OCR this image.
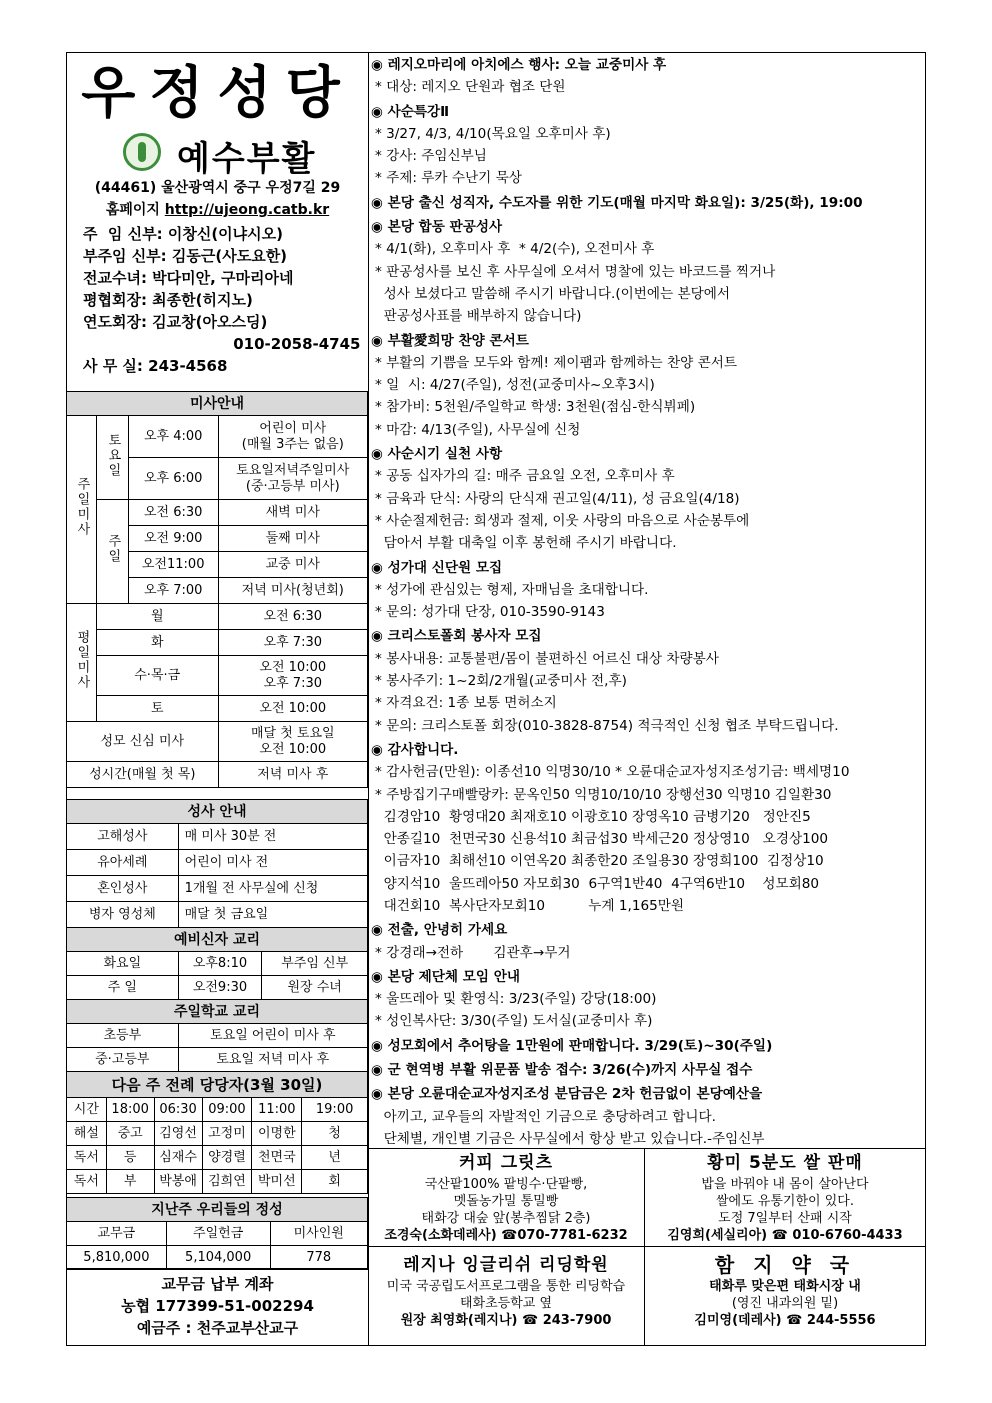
우정성당
예수부활
(44461) 울산광역시 중구 우정7길 29
홈페이지 http://ujeong.catb.kr
주  임 신부: 이창신(이냐시오)
부주임 신부: 김동근(사도요한)
전교수녀: 박다미안, 구마리아네
평협회장: 최종한(히지노)
연도회장: 김교창(아오스딩)
010-2058-4745
사 무 실: 243-4568
미사안내			
주일미사	토요일	오후 4:00	어린이 미사
(매월 3주는 없음)

		오후 6:00	토요일저녁주일미사
(중·고등부 미사)

	주일	오전 6:30	새벽 미사
		오전 9:00	둘째 미사
		오전11:00	교중 미사
		오후 7:00	저녁 미사(청년회)
평일미사	월		오전 6:30
	화		오후 7:30
	수·목·금		오전 10:00
오후 7:30

	토		오전 10:00
성모 신심 미사			매달 첫 토요일
오전 10:00

성시간(매월 첫 목)			저녁 미사 후
성사 안내	
고해성사	매 미사 30분 전
유아세례	어린이 미사 전
혼인성사	1개월 전 사무실에 신청
병자 영성체	매달 첫 금요일
예비신자 교리		
화요일	오후8:10	부주임 신부
주 일	오전9:30	원장 수녀
주일학교 교리	
초등부	토요일 어린이 미사 후
중·고등부	토요일 저녁 미사 후
다음 주 전례 당당자(3월 30일)					
시간	18:00	06:30	09:00	11:00	19:00
해설	중고	김영선	고정미	이명한	청
독서	등	심재수	양경렬	천면국	년
독서	부	박봉애	김희연	박미선	회
지난주 우리들의 정성		
교무금	주일헌금	미사인원
5,810,000	5,104,000	778
교무금 납부 계좌
농협 177399-51-002294
예금주 : 천주교부산교구
◉ 레지오마리에 아치에스 행사: 오늘 교중미사 후
* 대상: 레지오 단원과 협조 단원
◉ 사순특강Ⅱ
* 3/27, 4/3, 4/10(목요일 오후미사 후)
* 강사: 주임신부님
* 주제: 루카 수난기 묵상
◉ 본당 출신 성직자, 수도자를 위한 기도(매월 마지막 화요일): 3/25(화), 19:00
◉ 본당 합동 판공성사
* 4/1(화), 오후미사 후  * 4/2(수), 오전미사 후
* 판공성사를 보신 후 사무실에 오셔서 명찰에 있는 바코드를 찍거나
성사 보셨다고 말씀해 주시기 바랍니다.(이번에는 본당에서
판공성사표를 배부하지 않습니다)
◉ 부활愛희망 찬양 콘서트
* 부활의 기쁨을 모두와 함께! 제이팸과 함께하는 찬양 콘서트
* 일  시: 4/27(주일), 성전(교중미사~오후3시)
* 참가비: 5천원/주일학교 학생: 3천원(점심-한식뷔페)
* 마감: 4/13(주일), 사무실에 신청
◉ 사순시기 실천 사항
* 공동 십자가의 길: 매주 금요일 오전, 오후미사 후
* 금육과 단식: 사랑의 단식재 권고일(4/11), 성 금요일(4/18)
* 사순절제헌금: 희생과 절제, 이웃 사랑의 마음으로 사순봉투에
담아서 부활 대축일 이후 봉헌해 주시기 바랍니다.
◉ 성가대 신단원 모집
* 성가에 관심있는 형제, 자매님을 초대합니다.
* 문의: 성가대 단장, 010-3590-9143
◉ 크리스토폴회 봉사자 모집
* 봉사내용: 교통불편/몸이 불편하신 어르신 대상 차량봉사
* 봉사주기: 1~2회/2개월(교중미사 전,후)
* 자격요건: 1종 보통 면허소지
* 문의: 크리스토폴 회장(010-3828-8754) 적극적인 신청 협조 부탁드립니다.
◉ 감사합니다.
* 감사헌금(만원): 이종선10 익명30/10 * 오륜대순교자성지조성기금: 백세명10
* 주방집기구매빨랑카: 문옥인50 익명10/10/10 장행선30 익명10 김일환30
김경암10  황영대20 최재호10 이광호10 장영옥10 금병기20   정안진5
안종길10  천면국30 신용석10 최금섭30 박세근20 정상영10   오경상100
이금자10  최해선10 이연옥20 최종한20 조일용30 장영희100  김정상10
양지석10  울뜨레아50 자모회30  6구역1반40  4구역6반10    성모회80
대건회10  복사단자모회10          누계 1,165만원
◉ 전출, 안녕히 가세요
* 강경래→전하       김관후→무거
◉ 본당 제단체 모임 안내
* 울뜨레아 및 환영식: 3/23(주일) 강당(18:00)
* 성인복사단: 3/30(주일) 도서실(교중미사 후)
◉ 성모회에서 추어탕을 1만원에 판매합니다. 3/29(토)~30(주일)
◉ 군 현역병 부활 위문품 발송 접수: 3/26(수)까지 사무실 접수
◉ 본당 오륜대순교자성지조성 분담금은 2차 헌금없이 본당예산을
아끼고, 교우들의 자발적인 기금으로 충당하려고 합니다.
단체별, 개인별 기금은 사무실에서 항상 받고 있습니다.-주임신부
커피 그릿츠
국산팥100% 팥빙수·단팥빵,
멧돌농가밀 통밀빵
태화강 대숲 앞(봉추찜닭 2층)
조경숙(소화데레사) ☎070-7781-6232
황미 5분도 쌀 판매
밥을 바꿔야 내 몸이 살아난다
쌀에도 유통기한이 있다.
도정 7일부터 산패 시작
김영희(세실리아) ☎ 010-6760-4433
레지나 잉글리쉬 리딩학원
미국 국공립도서프로그램을 통한 리딩학습
태화초등학교 옆
원장 최영화(레지나) ☎ 243-7900
함 지 약 국
태화루 맞은편 태화시장 내
(영진 내과의원 밑)
김미영(데레사) ☎ 244-5556
